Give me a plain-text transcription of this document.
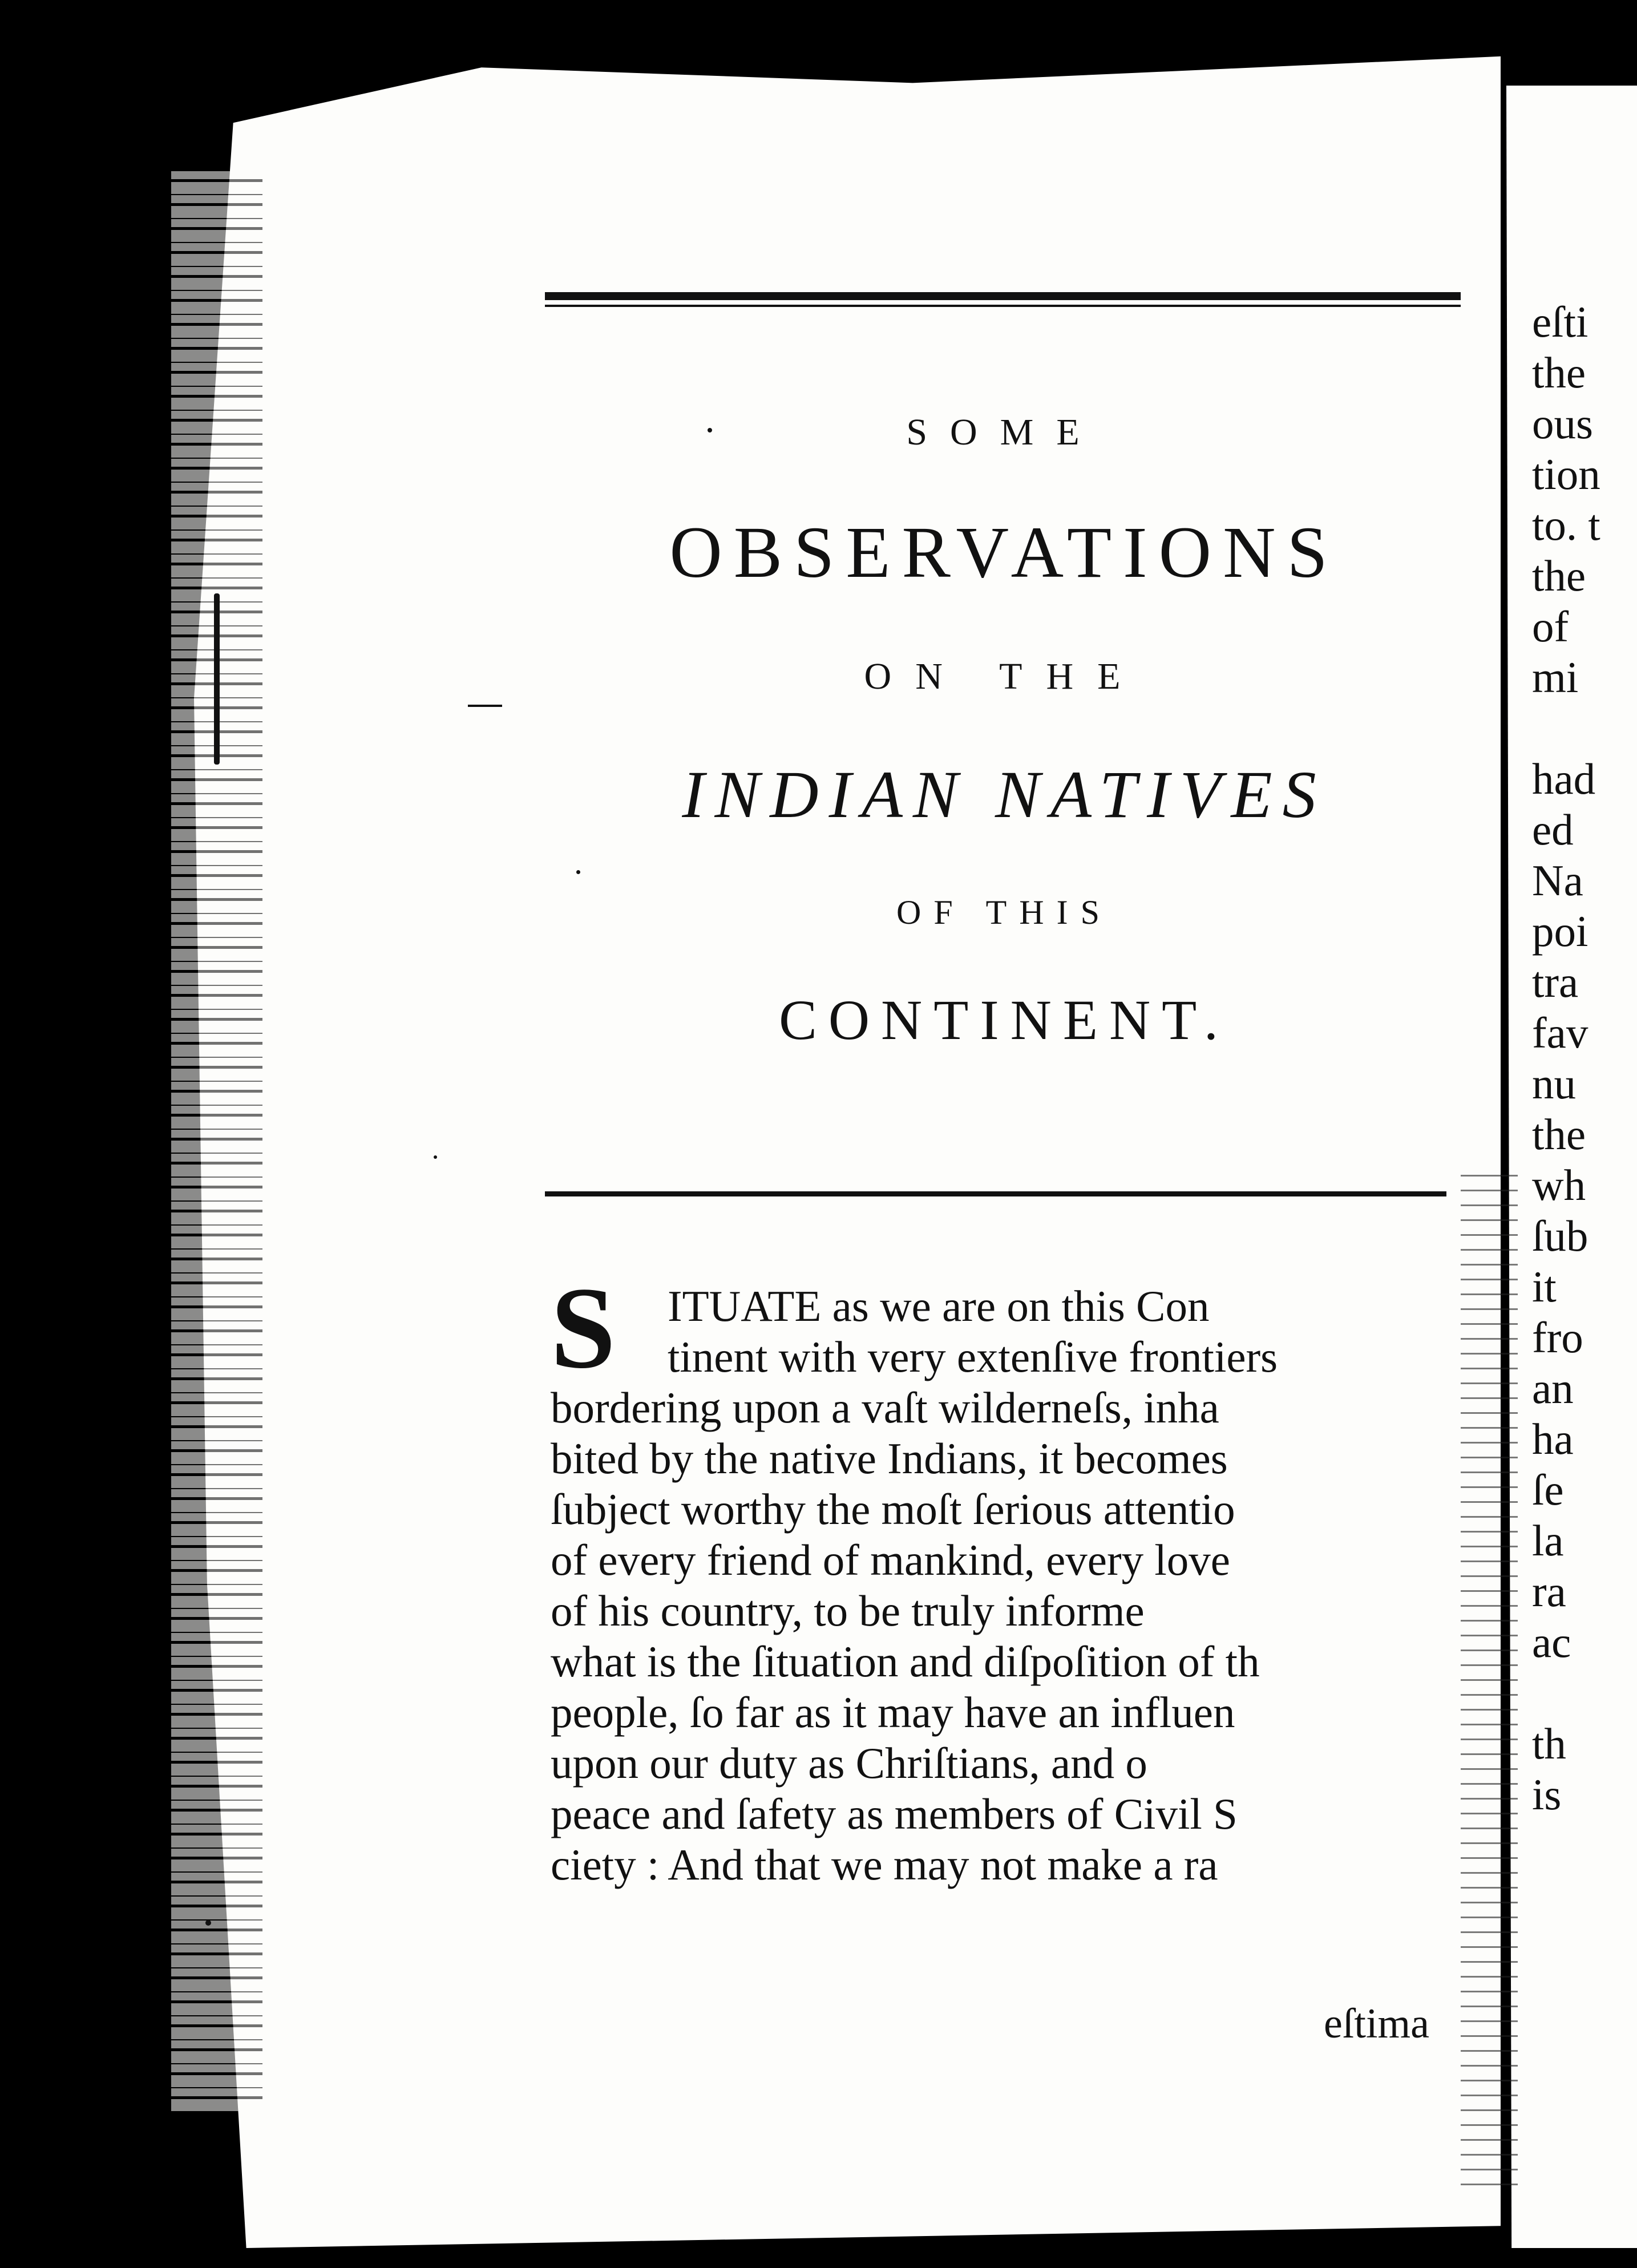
SOME
OBSERVATIONS
ON THE
INDIAN NATIVES
OF THIS
CONTINENT.
S	ITUATE as we are on this Con
tinent with very extenſive frontiers
bordering upon a vaſt wilderneſs, inha
bited by the native Indians, it becomes
ſubject worthy the moſt ſerious attentio
of every friend of mankind, every love
of his country, to be truly informe
what is the ſituation and diſpoſition of th
people, ſo far as it may have an influen
upon our duty as Chriſtians, and o
peace and ſafety as members of Civil S
ciety : And that we may not make a ra
eſtima
eſti
the
ous
tion
to. t
the
of
mi

had
ed
Na
poi
tra
fav
nu
the
wh
ſub
it
fro
an
ha
ſe
la
ra
ac

th
is
